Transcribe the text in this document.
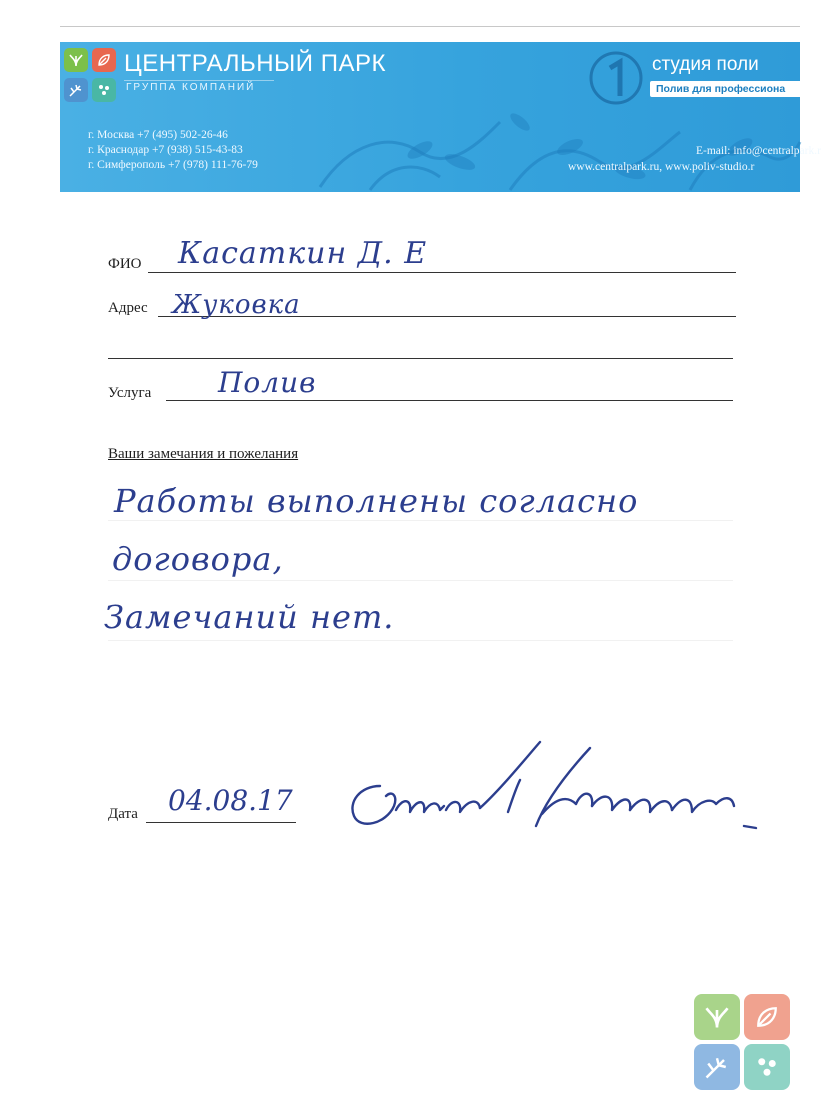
ЦЕНТРАЛЬНЫЙ ПАРК
ГРУППА КОМПАНИЙ
г. Москва +7 (495) 502-26-46
г. Краснодар +7 (938) 515-43-83
г. Симферополь +7 (978) 111-76-79
студия поли
Полив для профессиона
E-mail: info@centralpark.r
www.centralpark.ru, www.poliv-studio.r
ФИО Касаткин Д. Е
Адрес Жуковка
Услуга Полив
Ваши замечания и пожелания
Работы выполнены согласно
договора,
Замечаний нет.
Дата 04.08.17
